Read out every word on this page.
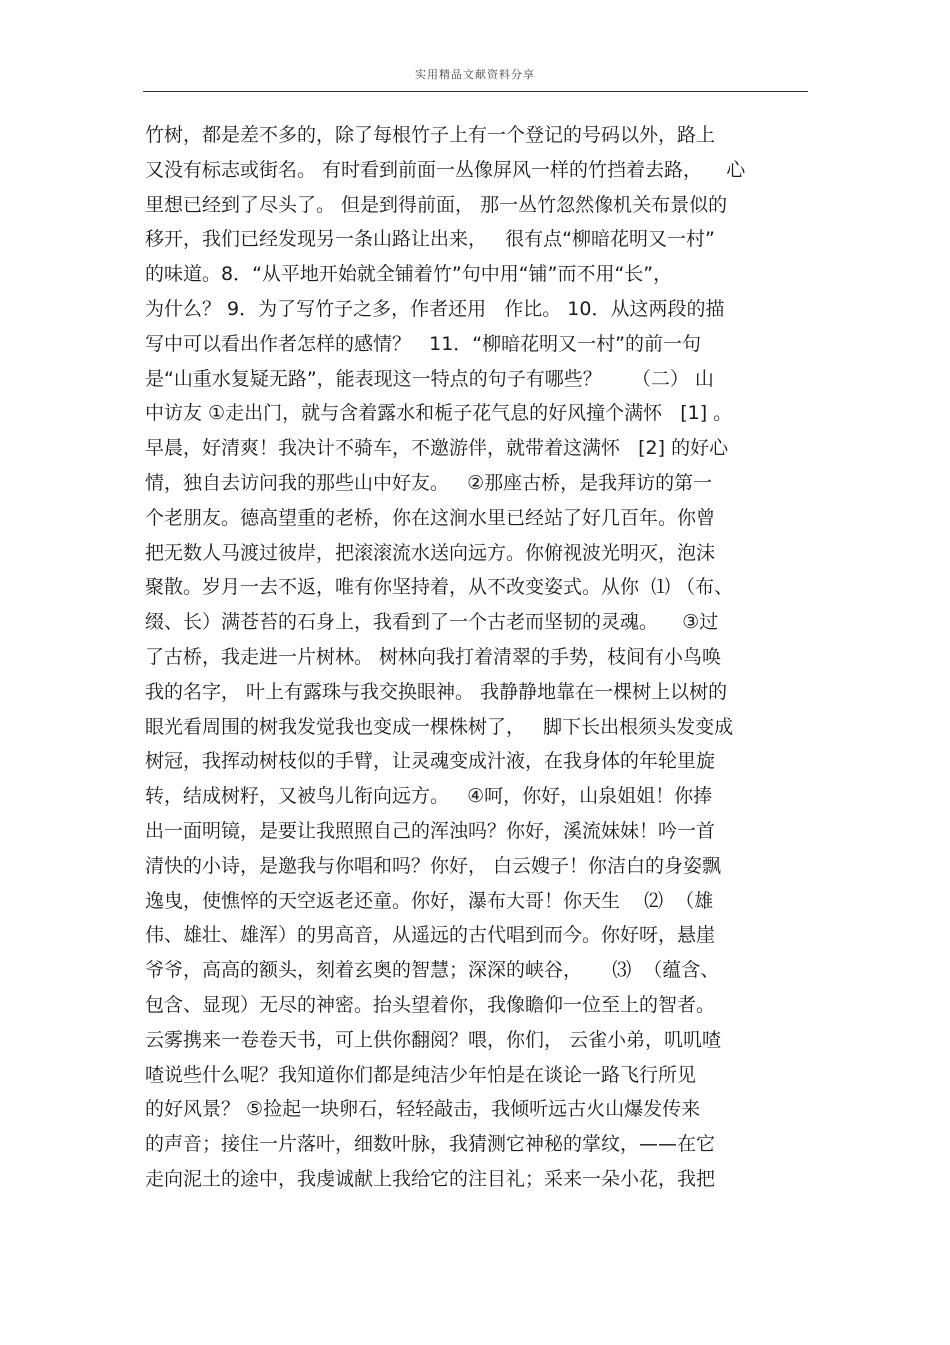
实用精品文献资料分享
竹树，都是差不多的，除了每根竹子上有一个登记的号码以外，路上
又没有标志或街名。 有时看到前面一丛像屏风一样的竹挡着去路，    心
里想已经到了尽头了。 但是到得前面， 那一丛竹忽然像机关布景似的
移开，我们已经发现另一条山路让出来，   很有点“柳暗花明又一村”
的味道。8．“从平地开始就全铺着竹”句中用“铺”而不用“长”，
为什么？ 9．为了写竹子之多，作者还用   作比。 10．从这两段的描
写中可以看出作者怎样的感情？   11．“柳暗花明又一村”的前一句
是“山重水复疑无路”，能表现这一特点的句子有哪些？     （二） 山
中访友 ①走出门，就与含着露水和栀子花气息的好风撞个满怀   [1] 。
早晨，好清爽！我决计不骑车，不邀游伴，就带着这满怀   [2] 的好心
情，独自去访问我的那些山中好友。   ②那座古桥，是我拜访的第一
个老朋友。德高望重的老桥，你在这涧水里已经站了好几百年。你曾
把无数人马渡过彼岸，把滚滚流水送向远方。你俯视波光明灭，泡沫
聚散。岁月一去不返，唯有你坚持着，从不改变姿式。从你  ⑴ （布、
缀、长）满苍苔的石身上，我看到了一个古老而坚韧的灵魂。    ③过
了古桥，我走进一片树林。 树林向我打着清翠的手势，枝间有小鸟唤
我的名字， 叶上有露珠与我交换眼神。 我静静地靠在一棵树上以树的
眼光看周围的树我发觉我也变成一棵株树了，   脚下长出根须头发变成
树冠，我挥动树枝似的手臂，让灵魂变成汁液，在我身体的年轮里旋
转，结成树籽，又被鸟儿衔向远方。   ④呵，你好，山泉姐姐！你捧
出一面明镜，是要让我照照自己的浑浊吗？你好，溪流妹妹！吟一首
清快的小诗，是邀我与你唱和吗？你好， 白云嫂子！你洁白的身姿飘
逸曳，使憔悴的天空返老还童。你好，瀑布大哥！你天生    ⑵  （雄
伟、雄壮、雄浑）的男高音，从遥远的古代唱到而今。你好呀，悬崖
爷爷，高高的额头，刻着玄奥的智慧；深深的峡谷，     ⑶  （蕴含、
包含、显现）无尽的神密。抬头望着你，我像瞻仰一位至上的智者。
云雾携来一卷卷天书，可上供你翻阅？喂，你们， 云雀小弟，叽叽喳
喳说些什么呢？我知道你们都是纯洁少年怕是在谈论一路飞行所见
的好风景？ ⑤捡起一块卵石，轻轻敲击，我倾听远古火山爆发传来
的声音；接住一片落叶，细数叶脉，我猜测它神秘的掌纹，——在它
走向泥土的途中，我虔诚献上我给它的注目礼；采来一朵小花，我把
